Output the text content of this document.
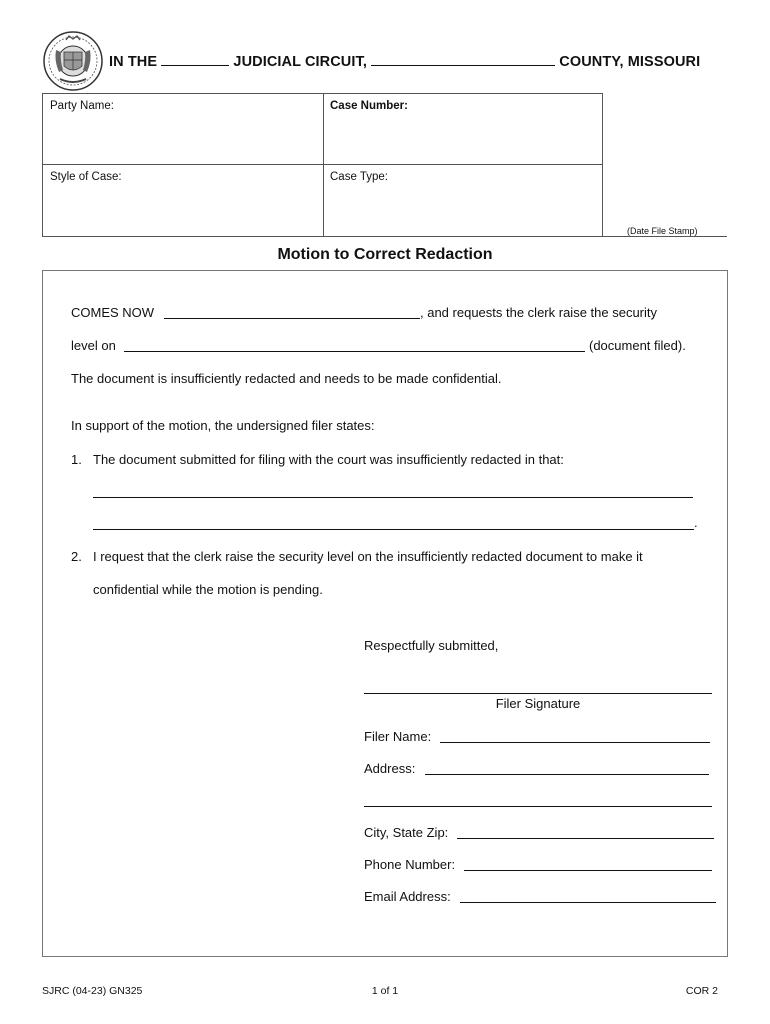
IN THE	JUDICIAL CIRCUIT,	COUNTY, MISSOURI
Party Name:	Case Number:
Style of Case:	Case Type:
(Date File Stamp)
Motion to Correct Redaction
COMES NOW	, and requests the clerk raise the security
level on	(document filed).
The document is insufficiently redacted and needs to be made confidential.
In support of the motion, the undersigned filer states:
1. The document submitted for filing with the court was insufficiently redacted in that:
.
2. I request that the clerk raise the security level on the insufficiently redacted document to make it
confidential while the motion is pending.
Respectfully submitted,
Filer Signature
Filer Name:
Address:
City, State Zip:
Phone Number:
Email Address:
SJRC (04-23) GN325	1 of 1	COR 2
